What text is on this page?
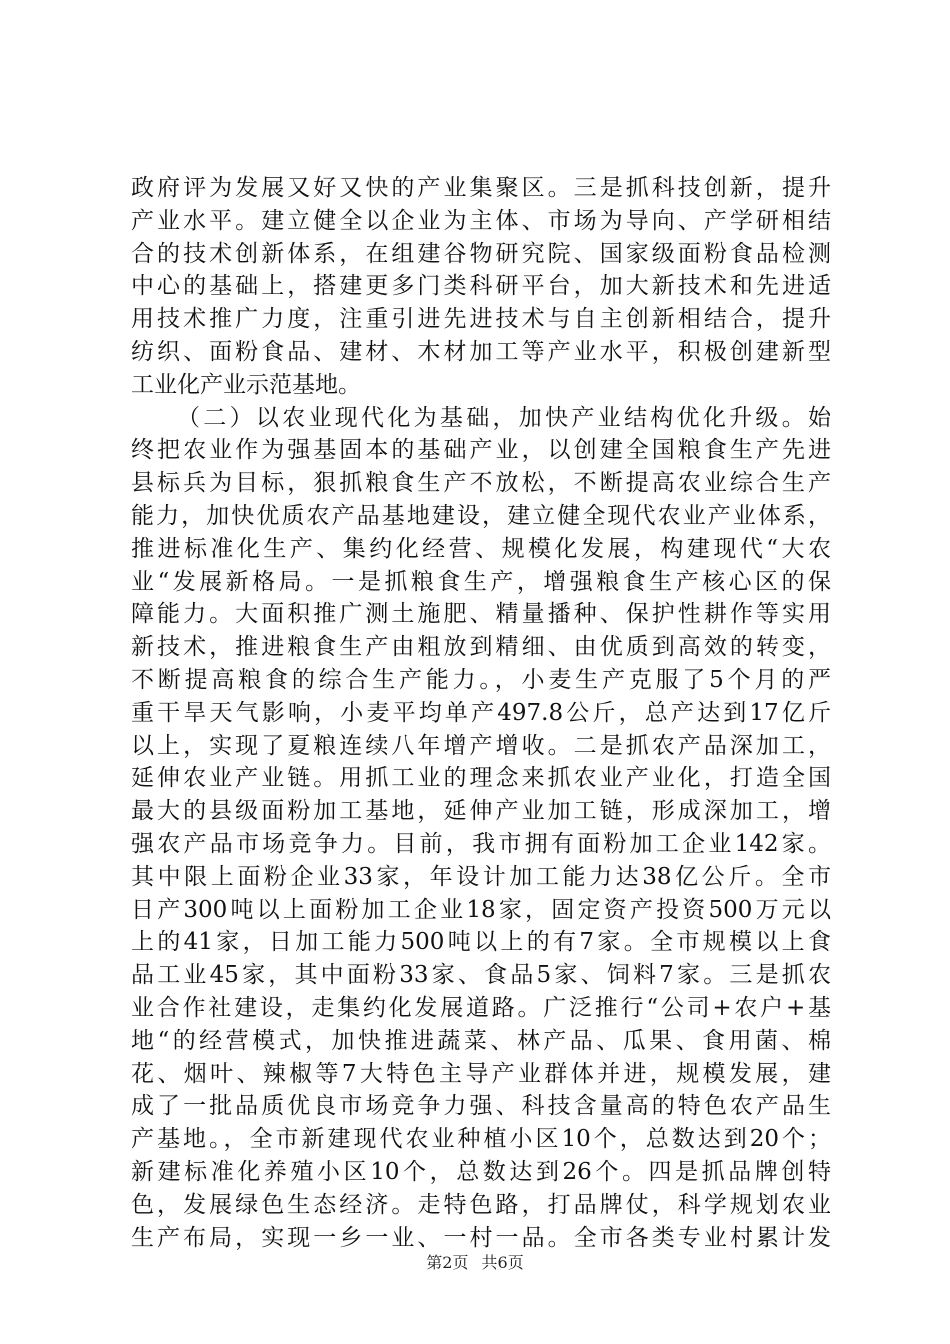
政府评为发展又好又快的产业集聚区。三是抓科技创新，提升
产业水平。建立健全以企业为主体、市场为导向、产学研相结
合的技术创新体系，在组建谷物研究院、国家级面粉食品检测
中心的基础上，搭建更多门类科研平台，加大新技术和先进适
用技术推广力度，注重引进先进技术与自主创新相结合，提升
纺织、面粉食品、建材、木材加工等产业水平，积极创建新型
工业化产业示范基地。
（二）以农业现代化为基础，加快产业结构优化升级。始
终把农业作为强基固本的基础产业，以创建全国粮食生产先进
县标兵为目标，狠抓粮食生产不放松，不断提高农业综合生产
能力，加快优质农产品基地建设，建立健全现代农业产业体系，
推进标准化生产、集约化经营、规模化发展，构建现代“大农
业“发展新格局。一是抓粮食生产，增强粮食生产核心区的保
障能力。大面积推广测土施肥、精量播种、保护性耕作等实用
新技术，推进粮食生产由粗放到精细、由优质到高效的转变，
不断提高粮食的综合生产能力。，小麦生产克服了5个月的严
重干旱天气影响，小麦平均单产497.8公斤，总产达到17亿斤
以上，实现了夏粮连续八年增产增收。二是抓农产品深加工，
延伸农业产业链。用抓工业的理念来抓农业产业化，打造全国
最大的县级面粉加工基地，延伸产业加工链，形成深加工，增
强农产品市场竞争力。目前，我市拥有面粉加工企业142家。
其中限上面粉企业33家，年设计加工能力达38亿公斤。全市
日产300吨以上面粉加工企业18家，固定资产投资500万元以
上的41家，日加工能力500吨以上的有7家。全市规模以上食
品工业45家，其中面粉33家、食品5家、饲料7家。三是抓农
业合作社建设，走集约化发展道路。广泛推行“公司+农户+基
地“的经营模式，加快推进蔬菜、林产品、瓜果、食用菌、棉
花、烟叶、辣椒等7大特色主导产业群体并进，规模发展，建
成了一批品质优良市场竞争力强、科技含量高的特色农产品生
产基地。，全市新建现代农业种植小区10个，总数达到20个；
新建标准化养殖小区10个，总数达到26个。四是抓品牌创特
色，发展绿色生态经济。走特色路，打品牌仗，科学规划农业
生产布局，实现一乡一业、一村一品。全市各类专业村累计发
第2页 共6页
